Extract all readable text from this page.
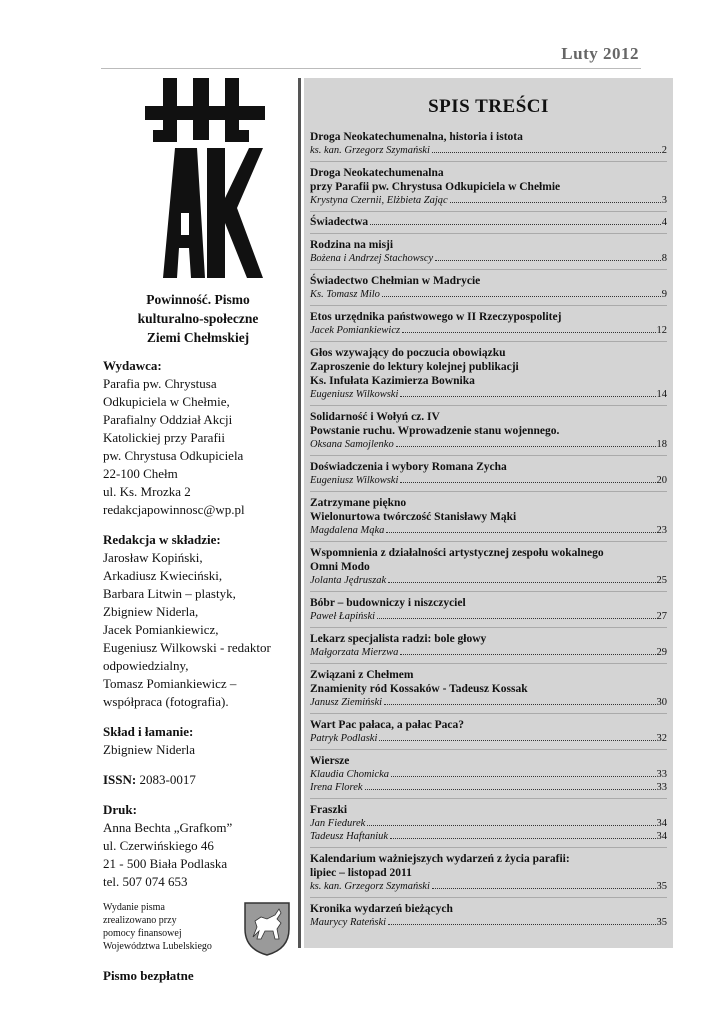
Luty 2012
Powinność. Pismo
kulturalno-społeczne
Ziemi Chełmskiej
Wydawca:
Parafia pw. Chrystusa
Odkupiciela w Chełmie,
Parafialny Oddział Akcji
Katolickiej przy Parafii
pw. Chrystusa Odkupiciela
22-100 Chełm
ul. Ks. Mrozka 2
redakcjapowinnosc@wp.pl
Redakcja w składzie:
Jarosław Kopiński,
Arkadiusz Kwieciński,
Barbara Litwin – plastyk,
Zbigniew Niderla,
Jacek Pomiankiewicz,
Eugeniusz Wilkowski - redaktor
odpowiedzialny,
Tomasz Pomiankiewicz –
współpraca (fotografia).
Skład i łamanie:
Zbigniew Niderla
ISSN: 2083-0017
Druk:
Anna Bechta „Grafkom”
ul. Czerwińskiego 46
21 - 500 Biała Podlaska
tel. 507 074 653
Wydanie pisma
zrealizowano przy
pomocy finansowej
Województwa Lubelskiego
Pismo bezpłatne
SPIS TREŚCI
Droga Neokatechumenalna, historia i istota
ks. kan. Grzegorz Szymański	2
Droga Neokatechumenalna
przy Parafii pw. Chrystusa Odkupiciela w Chełmie
Krystyna Czernii, Elżbieta Zając	3
Świadectwa	4
Rodzina na misji
Bożena i Andrzej Stachowscy	8
Świadectwo Chełmian w Madrycie
Ks. Tomasz Milo	9
Etos urzędnika państwowego w II Rzeczypospolitej
Jacek Pomiankiewicz	12
Głos wzywający do poczucia obowiązku
Zaproszenie do lektury kolejnej publikacji
Ks. Infułata Kazimierza Bownika
Eugeniusz Wilkowski	14
Solidarność i Wołyń cz. IV
Powstanie ruchu. Wprowadzenie stanu wojennego.
Oksana Samojlenko	18
Doświadczenia i wybory Romana Zycha
Eugeniusz Wilkowski	20
Zatrzymane piękno
Wielonurtowa twórczość Stanisławy Mąki
Magdalena Mąka	23
Wspomnienia z działalności artystycznej zespołu wokalnego
Omni Modo
Jolanta Jędruszak	25
Bóbr – budowniczy i niszczyciel
Paweł Łapiński	27
Lekarz specjalista radzi: bole głowy
Małgorzata Mierzwa	29
Związani z Chełmem
Znamienity ród Kossaków - Tadeusz Kossak
Janusz Ziemiński	30
Wart Pac pałaca, a pałac Paca?
Patryk Podlaski	32
Wiersze
Klaudia Chomicka	33
Irena Florek	33
Fraszki
Jan Fiedurek	34
Tadeusz Haftaniuk	34
Kalendarium ważniejszych wydarzeń z życia parafii:
lipiec – listopad 2011
ks. kan. Grzegorz Szymański	35
Kronika wydarzeń bieżących
Maurycy Rateński	35
